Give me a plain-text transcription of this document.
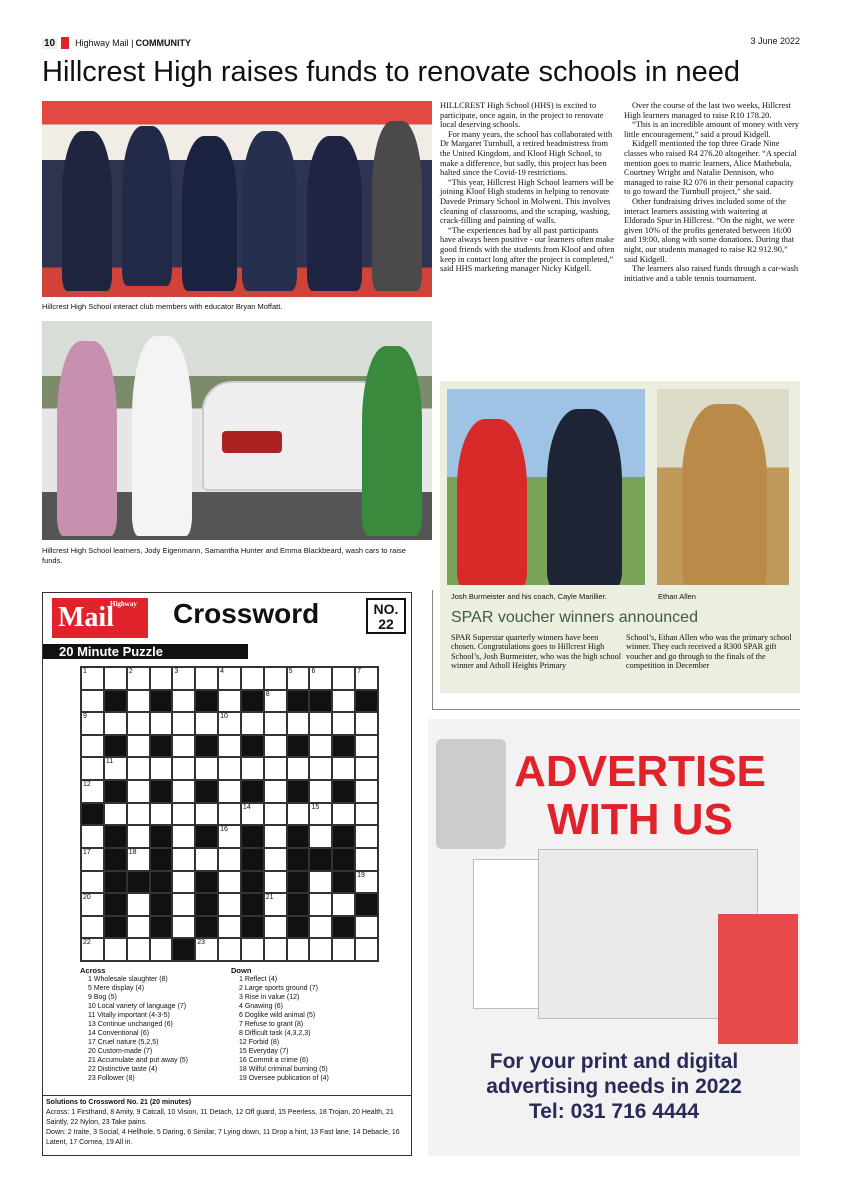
10 Highway Mail | COMMUNITY	3 June 2022
Hillcrest High raises funds to renovate schools in need
Hillcrest High School interact club members with educator Bryan Moffatt.
Hillcrest High School learners, Jody Eigenmann, Samantha Hunter and Emma Blackbeard, wash cars to raise funds.

HILLCREST High School (HHS) is excited to participate, once again, in the project to renovate local deserving schools.

For many years, the school has collaborated with Dr Margaret Turnbull, a retired headmistress from the United Kingdom, and Kloof High School, to make a difference, but sadly, this project has been halted since the Covid-19 restrictions.

“This year, Hillcrest High School learners will be joining Kloof High students in helping to renovate Davede Primary School in Molweni. This involves cleaning of classrooms, and the scraping, washing, crack-filling and painting of walls.

“The experiences had by all past participants have always been positive - our learners often make good friends with the students from Kloof and often keep in contact long after the project is completed,” said HHS marketing manager Nicky Kidgell.

Over the course of the last two weeks, Hillcrest High learners managed to raise R10 178.20.

“This is an incredible amount of money with very little encouragement,” said a proud Kidgell.

Kidgell mentioned the top three Grade Nine classes who raised R4 276.20 altogether. “A special mention goes to matric learners, Alice Mathebula, Courtney Wright and Natalie Dennison, who managed to raise R2 076 in their personal capacity to go toward the Turnbull project,” she said.

Other fundraising drives included some of the interact learners assisting with waitering at Eldorado Spur in Hillcrest. “On the night, we were given 10% of the profits generated between 16:00 and 19:00, along with some donations. During that night, our students managed to raise R2 912.90,” said Kidgell.

The learners also raised funds through a car-wash initiative and a table tennis tournament.

Josh Burmeister and his coach, Cayle Marillier.	Ethan Allen
SPAR voucher winners announced
SPAR Superstar quarterly winners have been chosen. Congratulations goes to Hillcrest High School’s, Josh Burmeister, who was the high school winner and Atholl Heights Primary
School’s, Ethan Allen who was the primary school winner. They each received a R300 SPAR gift voucher and go through to the finals of the competition in December
ADVERTISE
WITH US
For your print and digital
advertising needs in 2022
Tel: 031 716 4444
Highway
Mail	Crossword	NO.
22
20 Minute Puzzle
1	2	3	4	5	6	7
8
9	10
11
12
14	15
16
17	18
19
20	21
22	23
Across
1 Wholesale slaughter (8)
5 Mere display (4)
9 Bog (5)
10 Local variety of language (7)
11 Vitally important (4-3-5)
13 Continue unchanged (6)
14 Conventional (6)
17 Cruel nature (5,2,5)
20 Custom-made (7)
21 Accumulate and put away (5)
22 Distinctive taste (4)
23 Follower (8)
Down
1 Reflect (4)
2 Large sports ground (7)
3 Rise in value (12)
4 Gnawing (6)
6 Doglike wild animal (5)
7 Refuse to grant (8)
8 Difficult task (4,3,2,3)
12 Forbid (8)
15 Everyday (7)
16 Commit a crime (6)
18 Wilful criminal burning (5)
19 Oversee publication of (4)
Solutions to Crossword No. 21 (20 minutes)
Across: 1 Firsthand, 8 Amity, 9 Catcall, 10 Vision, 11 Detach, 12 Off guard, 15 Peerless, 18 Trojan, 20 Health, 21 Saintly, 22 Nylon, 23 Take pains.
Down: 2 Iraite, 3 Social, 4 Hellhole, 5 Daring, 6 Similar, 7 Lying down, 11 Drop a hint, 13 Fast lane, 14 Debacle, 16 Latent, 17 Cornea, 19 All in.
